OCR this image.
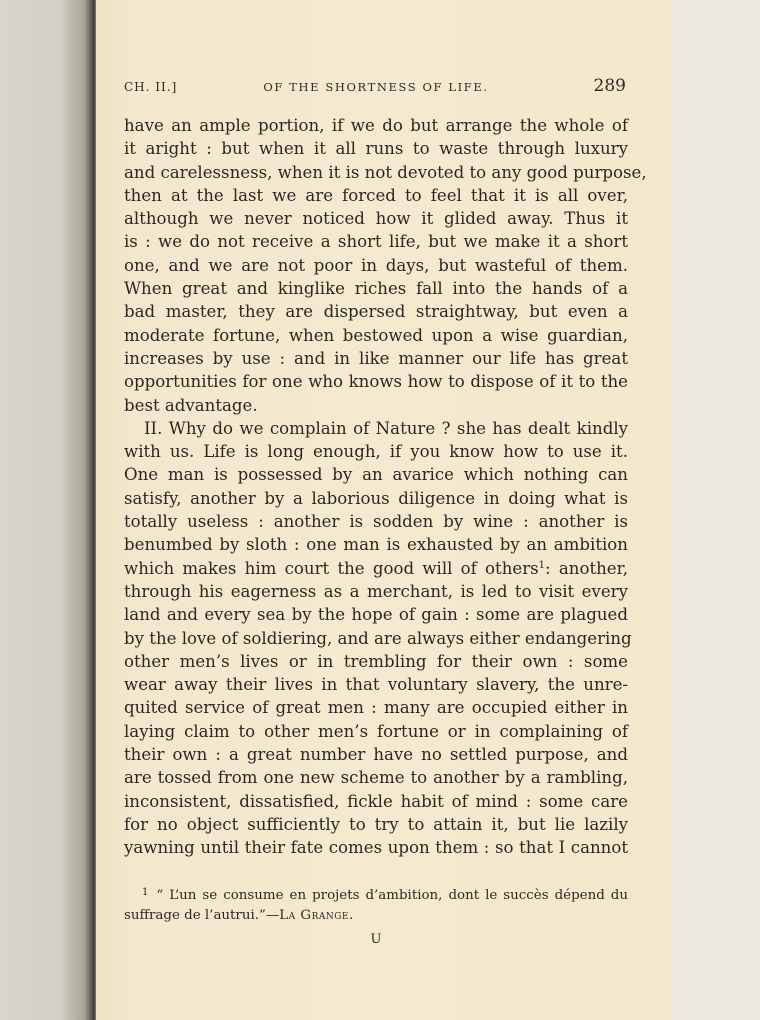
CH. II.]	OF THE SHORTNESS OF LIFE.	289
have an ample portion, if we do but arrange the whole of
it aright : but when it all runs to waste through luxury
and carelessness, when it is not devoted to any good purpose,
then at the last we are forced to feel that it is all over,
although we never noticed how it glided away. Thus it
is : we do not receive a short life, but we make it a short
one, and we are not poor in days, but wasteful of them.
When great and kinglike riches fall into the hands of a
bad master, they are dispersed straightway, but even a
moderate fortune, when bestowed upon a wise guardian,
increases by use : and in like manner our life has great
opportunities for one who knows how to dispose of it to the
best advantage.
II. Why do we complain of Nature ? she has dealt kindly
with us. Life is long enough, if you know how to use it.
One man is possessed by an avarice which nothing can
satisfy, another by a laborious diligence in doing what is
totally useless : another is sodden by wine : another is
benumbed by sloth : one man is exhausted by an ambition
which makes him court the good will of others$^1$: another,
through his eagerness as a merchant, is led to visit every
land and every sea by the hope of gain : some are plagued
by the love of soldiering, and are always either endangering
other men’s lives or in trembling for their own : some
wear away their lives in that voluntary slavery, the unre-
quited service of great men : many are occupied either in
laying claim to other men’s fortune or in complaining of
their own : a great number have no settled purpose, and
are tossed from one new scheme to another by a rambling,
inconsistent, dissatisfied, fickle habit of mind : some care
for no object sufficiently to try to attain it, but lie lazily
yawning until their fate comes upon them : so that I cannot
$^1$ “ L’un se consume en projets d’ambition, dont le succès dépend du
suffrage de l’autrui.”—La Grange.
U
